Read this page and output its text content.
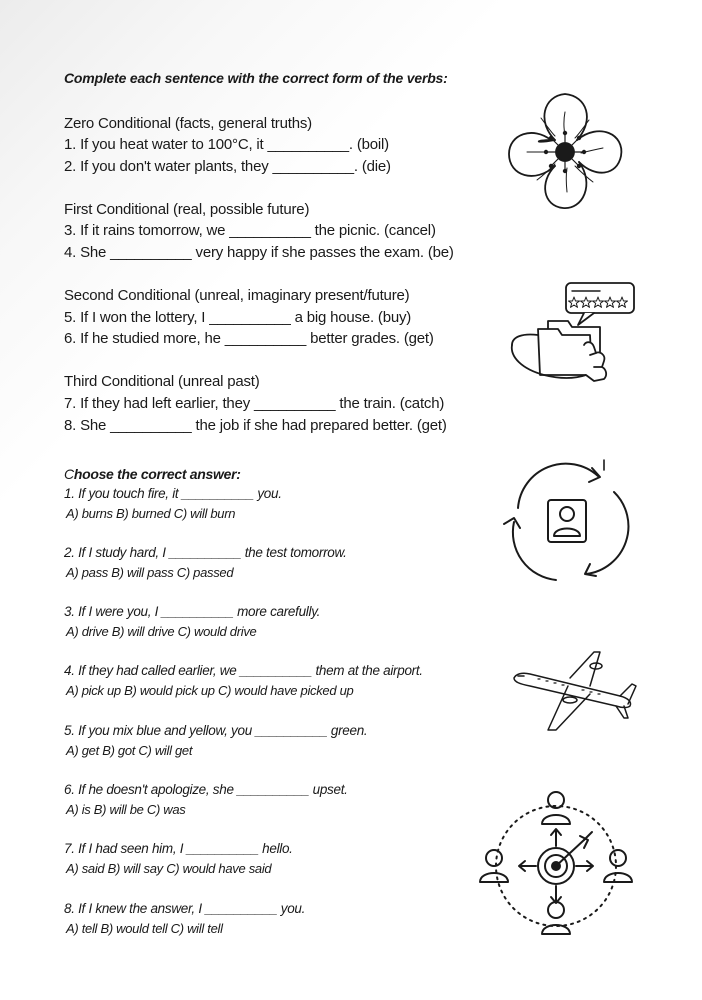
Complete each sentence with the correct form of the verbs:
Zero Conditional (facts, general truths)
1. If you heat water to 100°C, it __________. (boil)
2. If you don't water plants, they __________. (die)
First Conditional (real, possible future)
3. If it rains tomorrow, we __________ the picnic. (cancel)
4. She __________ very happy if she passes the exam. (be)
Second Conditional (unreal, imaginary present/future)
5. If I won the lottery, I __________ a big house. (buy)
6. If he studied more, he __________ better grades. (get)
Third Conditional (unreal past)
7. If they had left earlier, they __________ the train. (catch)
8. She __________ the job if she had prepared better. (get)
Choose the correct answer:
1. If you touch fire, it __________ you.
A) burns B) burned C) will burn
2. If I study hard, I __________ the test tomorrow.
A) pass B) will pass C) passed
3. If I were you, I __________ more carefully.
A) drive B) will drive C) would drive
4. If they had called earlier, we __________ them at the airport.
A) pick up B) would pick up C) would have picked up
5. If you mix blue and yellow, you __________ green.
A) get B) got C) will get
6. If he doesn't apologize, she __________ upset.
A) is B) will be C) was
7. If I had seen him, I __________ hello.
A) said B) will say C) would have said
8. If I knew the answer, I __________ you.
A) tell B) would tell C) will tell
